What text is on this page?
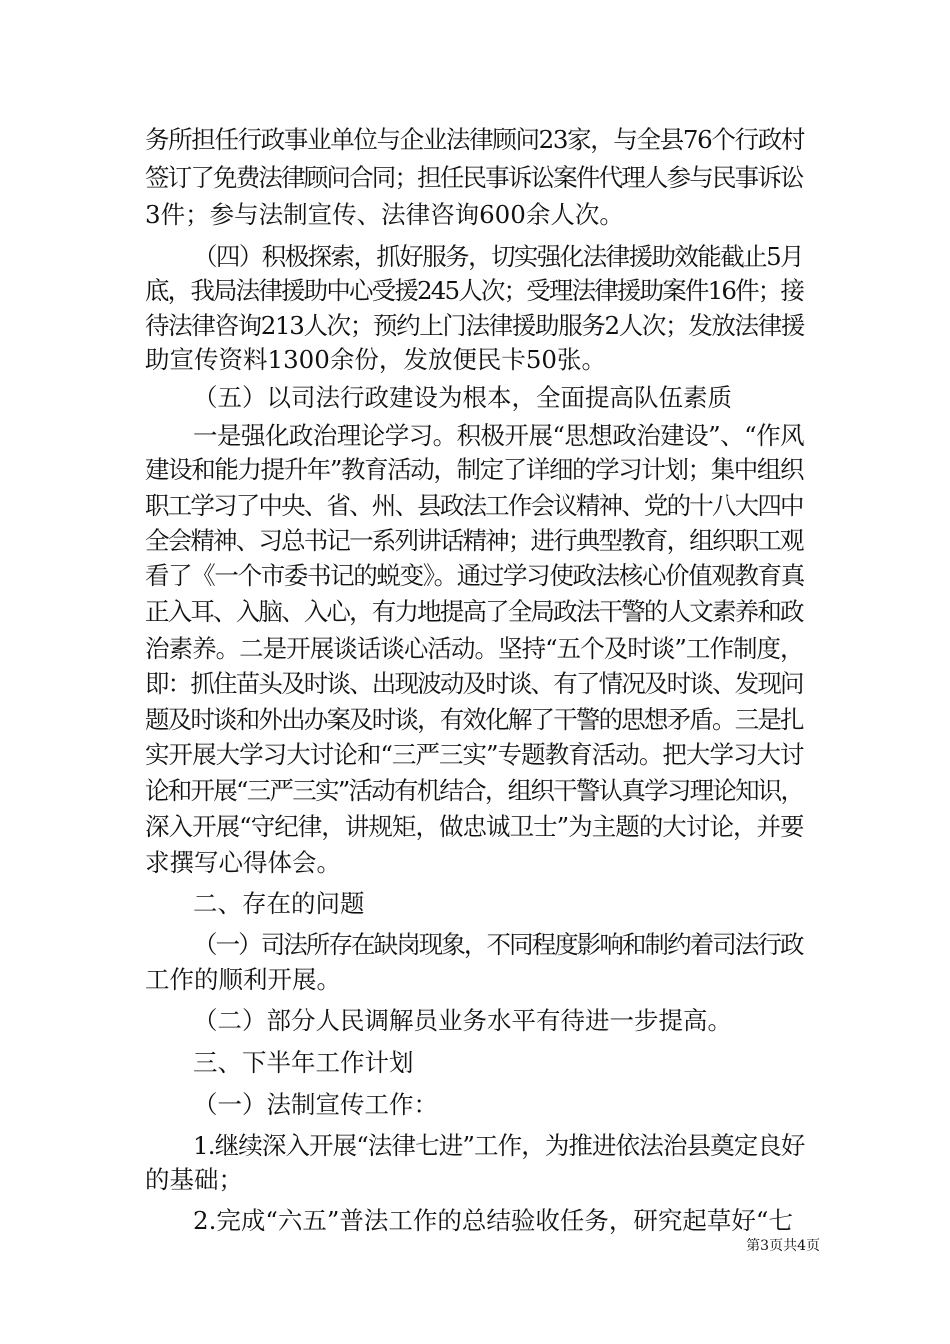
务所担任行政事业单位与企业法律顾问23家，与全县76个行政村

签订了免费法律顾问合同；担任民事诉讼案件代理人参与民事诉讼

3件；参与法制宣传、法律咨询600余人次。

（四）积极探索，抓好服务，切实强化法律援助效能截止5月

底，我局法律援助中心受援245人次；受理法律援助案件16件；接

待法律咨询213人次；预约上门法律援助服务2人次；发放法律援

助宣传资料1300余份，发放便民卡50张。

（五）以司法行政建设为根本，全面提高队伍素质

一是强化政治理论学习。积极开展“思想政治建设”、“作风

建设和能力提升年”教育活动，制定了详细的学习计划；集中组织

职工学习了中央、省、州、县政法工作会议精神、党的十八大四中

全会精神、习总书记一系列讲话精神；进行典型教育，组织职工观

看了《一个市委书记的蜕变》。通过学习使政法核心价值观教育真

正入耳、入脑、入心，有力地提高了全局政法干警的人文素养和政

治素养。二是开展谈话谈心活动。坚持“五个及时谈”工作制度，

即：抓住苗头及时谈、出现波动及时谈、有了情况及时谈、发现问

题及时谈和外出办案及时谈，有效化解了干警的思想矛盾。三是扎

实开展大学习大讨论和“三严三实”专题教育活动。把大学习大讨

论和开展“三严三实”活动有机结合，组织干警认真学习理论知识，

深入开展“守纪律，讲规矩，做忠诚卫士”为主题的大讨论，并要

求撰写心得体会。

二、存在的问题

（一）司法所存在缺岗现象，不同程度影响和制约着司法行政

工作的顺利开展。

（二）部分人民调解员业务水平有待进一步提高。

三、下半年工作计划

（一）法制宣传工作：

1.继续深入开展“法律七进”工作，为推进依法治县奠定良好

的基础；

2.完成“六五”普法工作的总结验收任务，研究起草好“七

第3页共4页
